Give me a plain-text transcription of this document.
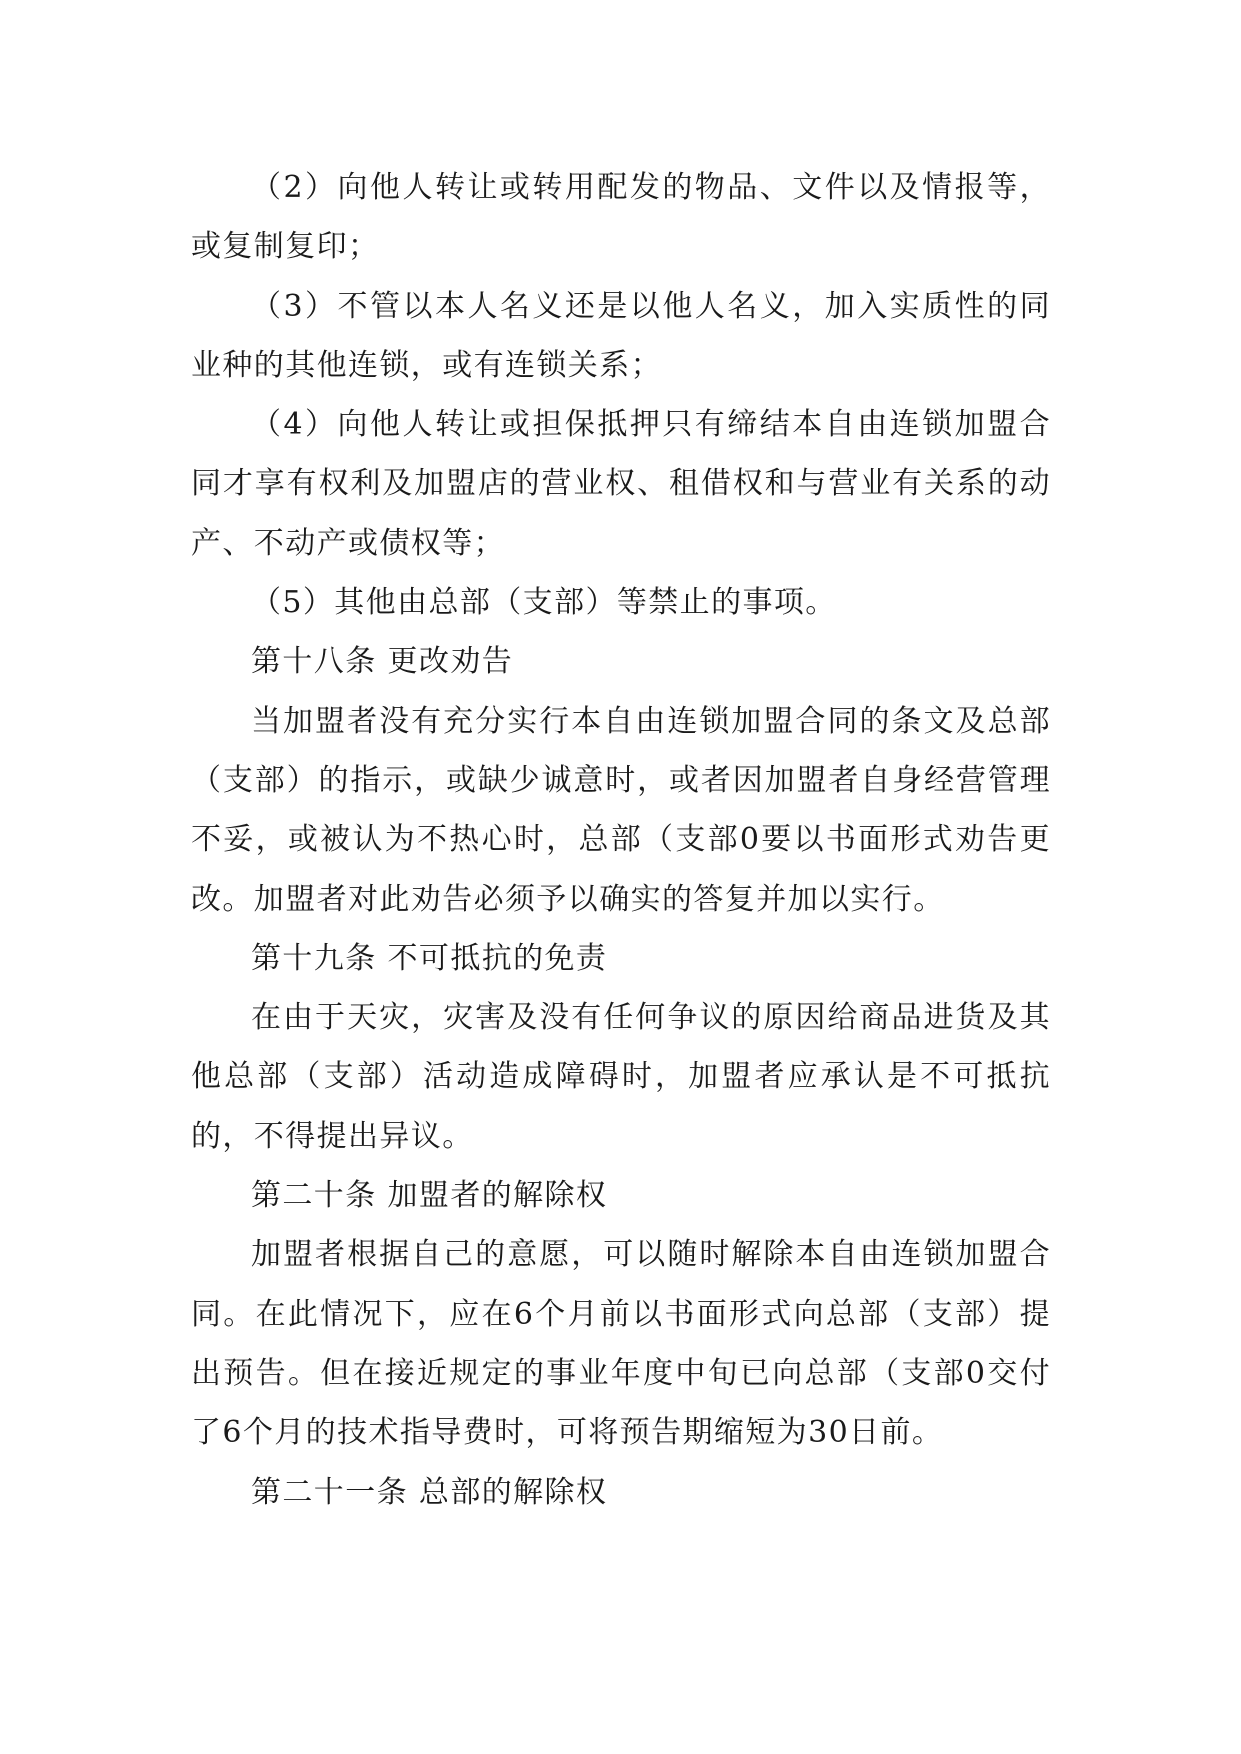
（2）向他人转让或转用配发的物品、文件以及情报等，或复制复印；

（3）不管以本人名义还是以他人名义，加入实质性的同业种的其他连锁，或有连锁关系；

（4）向他人转让或担保抵押只有缔结本自由连锁加盟合同才享有权利及加盟店的营业权、租借权和与营业有关系的动产、不动产或债权等；

（5）其他由总部（支部）等禁止的事项。

第十八条 更改劝告

当加盟者没有充分实行本自由连锁加盟合同的条文及总部（支部）的指示，或缺少诚意时，或者因加盟者自身经营管理不妥，或被认为不热心时，总部（支部0要以书面形式劝告更改。加盟者对此劝告必须予以确实的答复并加以实行。

第十九条 不可抵抗的免责

在由于天灾，灾害及没有任何争议的原因给商品进货及其他总部（支部）活动造成障碍时，加盟者应承认是不可抵抗的，不得提出异议。

第二十条 加盟者的解除权

加盟者根据自己的意愿，可以随时解除本自由连锁加盟合同。在此情况下，应在6个月前以书面形式向总部（支部）提出预告。但在接近规定的事业年度中旬已向总部（支部0交付了6个月的技术指导费时，可将预告期缩短为30日前。

第二十一条 总部的解除权
